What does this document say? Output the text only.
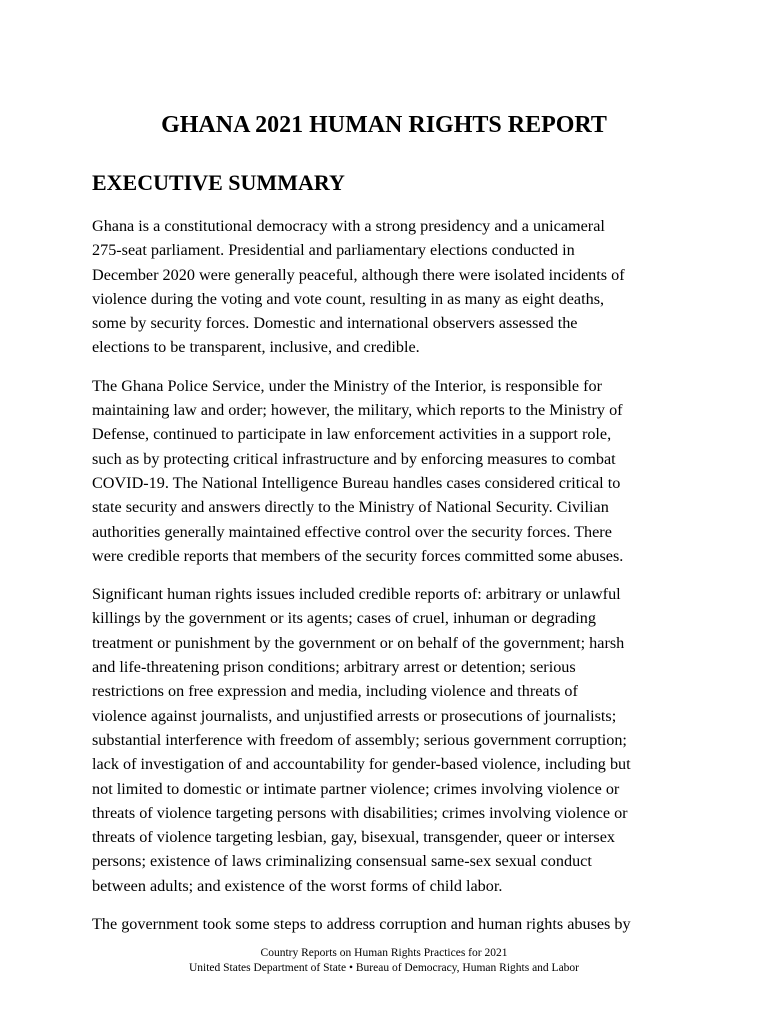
GHANA 2021 HUMAN RIGHTS REPORT
EXECUTIVE SUMMARY

Ghana is a constitutional democracy with a strong presidency and a unicameral
275-seat parliament. Presidential and parliamentary elections conducted in
December 2020 were generally peaceful, although there were isolated incidents of
violence during the voting and vote count, resulting in as many as eight deaths,
some by security forces. Domestic and international observers assessed the
elections to be transparent, inclusive, and credible.

The Ghana Police Service, under the Ministry of the Interior, is responsible for
maintaining law and order; however, the military, which reports to the Ministry of
Defense, continued to participate in law enforcement activities in a support role,
such as by protecting critical infrastructure and by enforcing measures to combat
COVID-19. The National Intelligence Bureau handles cases considered critical to
state security and answers directly to the Ministry of National Security. Civilian
authorities generally maintained effective control over the security forces. There
were credible reports that members of the security forces committed some abuses.

Significant human rights issues included credible reports of: arbitrary or unlawful
killings by the government or its agents; cases of cruel, inhuman or degrading
treatment or punishment by the government or on behalf of the government; harsh
and life-threatening prison conditions; arbitrary arrest or detention; serious
restrictions on free expression and media, including violence and threats of
violence against journalists, and unjustified arrests or prosecutions of journalists;
substantial interference with freedom of assembly; serious government corruption;
lack of investigation of and accountability for gender-based violence, including but
not limited to domestic or intimate partner violence; crimes involving violence or
threats of violence targeting persons with disabilities; crimes involving violence or
threats of violence targeting lesbian, gay, bisexual, transgender, queer or intersex
persons; existence of laws criminalizing consensual same-sex sexual conduct
between adults; and existence of the worst forms of child labor.

The government took some steps to address corruption and human rights abuses by

Country Reports on Human Rights Practices for 2021
United States Department of State • Bureau of Democracy, Human Rights and Labor
